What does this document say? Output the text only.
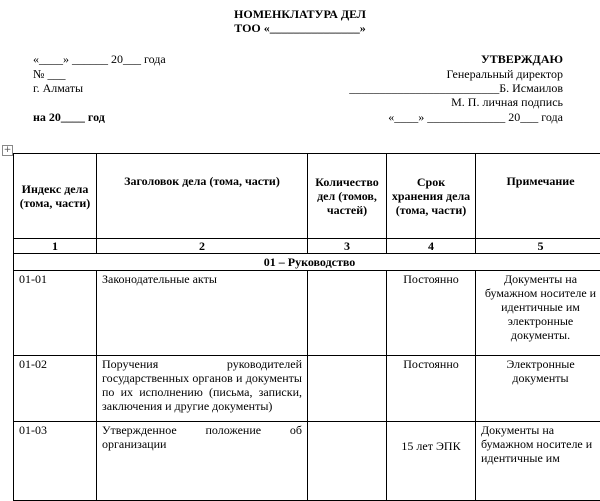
НОМЕНКЛАТУРА ДЕЛ
ТОО «_______________»
«____» ______ 20___ года
№ ___
г. Алматы
на 20____ год
УТВЕРЖДАЮ
Генеральный директор
_________________________Б. Исмаилов
М. П. личная подпись
«____» _____________ 20___ года
+
Индекс дела (тома, части)	Заголовок дела (тома, части)	Количество дел (томов, частей)	Срок хранения дела (тома, части)	Примечание
1	2	3	4	5
01 – Руководство				
01-01	Законодательные акты		Постоянно	Документы на бумажном носителе и идентичные им электронные документы.
01-02	Поручения руководителей государственных органов и документы по их исполнению (письма, записки, заключения и другие документы)		Постоянно	Электронные документы
01-03	Утвержденное положение об организации		15 лет ЭПК	Документы на бумажном носителе и идентичные им
